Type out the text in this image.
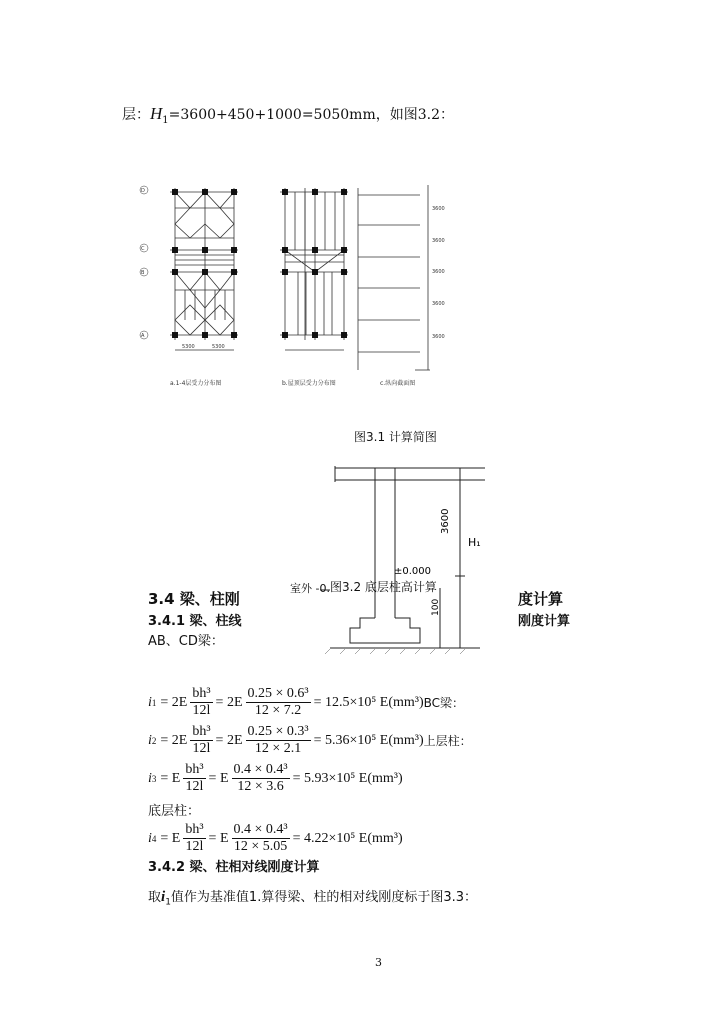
层：$H_1=3600+450+1000=5050mm$，如图3.2：
D
C
B
A
5300	5300
3600
3600
3600
3600
3600
a.1-4层受力分布图	b.屋顶层受力分布图	c.纵向截面图
图3.1 计算简图
3600
H₁
±0.000
100
室外 -0. 图3.2 底层柱高计算
3.4 梁、柱刚	度计算
3.4.1 梁、柱线	刚度计算
AB、CD梁：
i $1 = 2E \frac{\text{bh³}}{12l} = 2E \frac{\text{0.25 × 0.6³}}{12 \times 7.2} = 12.5\times 10^5$ E(mm³) BC梁：
i $2 = 2E \frac{\text{bh³}}{12l} = 2E \frac{\text{0.25 × 0.3³}}{12 \times 2.1} = 5.36\times 10^5$ E(mm³) 上层柱：
i 3 = E $\frac{\text{bh³}}{12l} = E \frac{\text{0.4 × 0.4³}}{12 \times 3.6} = 5.93\times 10^5$ E(mm³)
底层柱：
i 4 = E $\frac{\text{bh³}}{12l} = E \frac{\text{0.4 × 0.4³}}{12 \times 5.05} = 4.22\times 10^5$ E(mm³)
3.4.2 梁、柱相对线刚度计算
取$i_1$值作为基准值1.算得梁、柱的相对线刚度标于图3.3：
3
